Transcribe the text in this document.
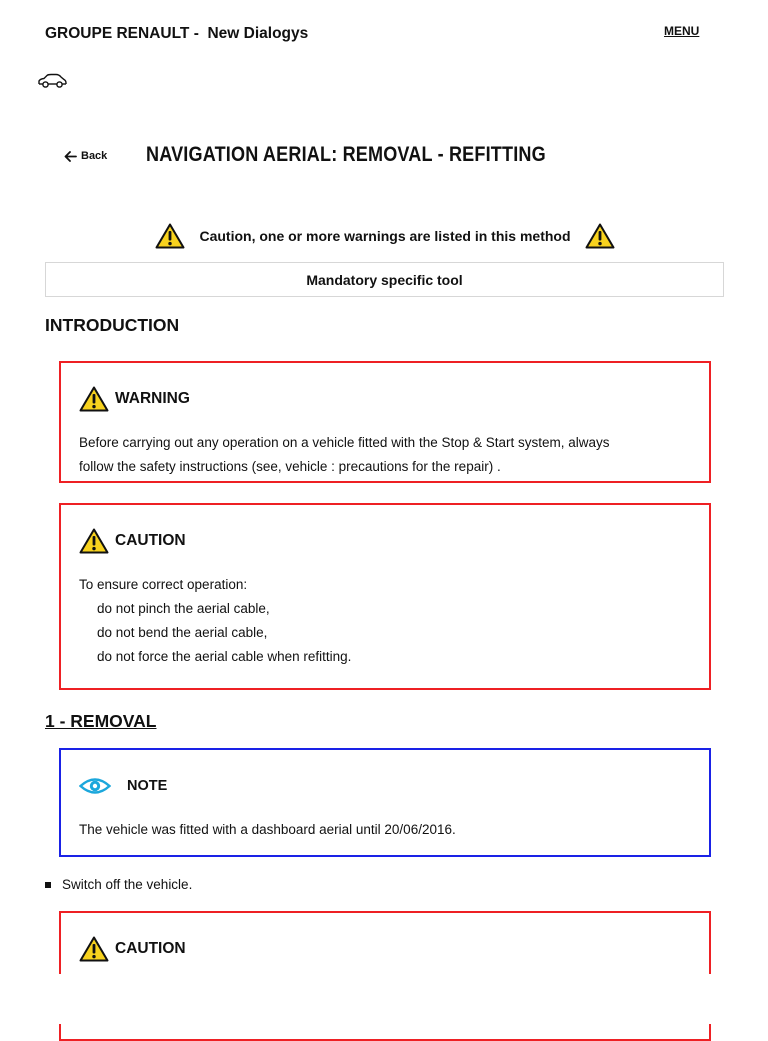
GROUPE RENAULT -  New Dialogys	MENU
Back NAVIGATION AERIAL: REMOVAL - REFITTING
Caution, one or more warnings are listed in this method
Mandatory specific tool
INTRODUCTION
WARNING
Before carrying out any operation on a vehicle fitted with the Stop & Start system, always
follow the safety instructions (see, vehicle : precautions for the repair) .
CAUTION
To ensure correct operation:
do not pinch the aerial cable,
do not bend the aerial cable,
do not force the aerial cable when refitting.
1 - REMOVAL
NOTE
The vehicle was fitted with a dashboard aerial until 20/06/2016.
Switch off the vehicle.
CAUTION
